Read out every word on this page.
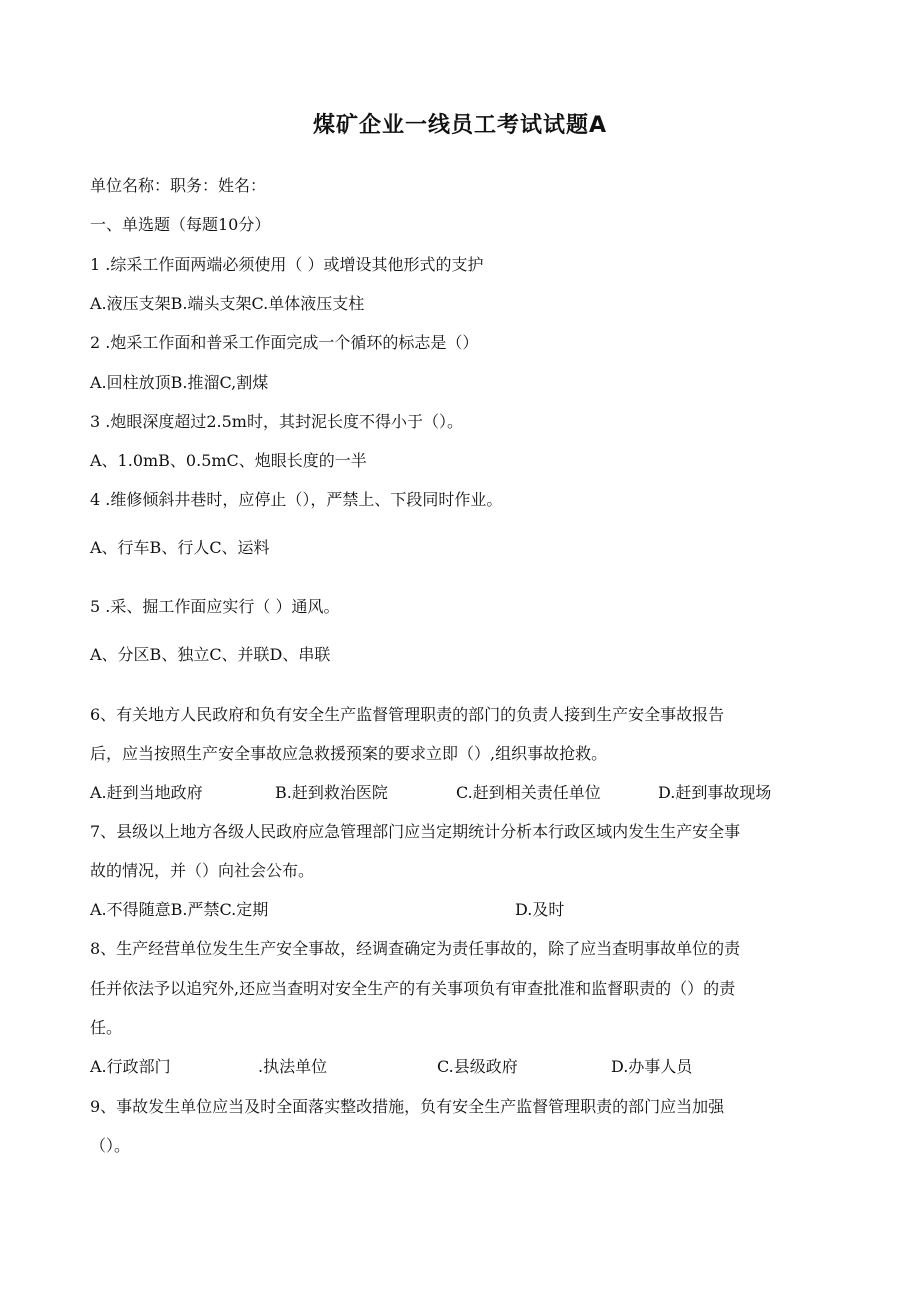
煤矿企业一线员工考试试题A
单位名称：职务：姓名：
一、单选题（每题10分）
1 .综采工作面两端必须使用（ ）或增设其他形式的支护
A.液压支架B.端头支架C.单体液压支柱
2 .炮采工作面和普采工作面完成一个循环的标志是（）
A.回柱放顶B.推溜C,割煤
3 .炮眼深度超过2.5m时，其封泥长度不得小于（）。
A、1.0mB、0.5mC、炮眼长度的一半
4 .维修倾斜井巷时，应停止（），严禁上、下段同时作业。
A、行车B、行人C、运料
5 .采、掘工作面应实行（ ）通风。
A、分区B、独立C、并联D、串联
6、有关地方人民政府和负有安全生产监督管理职责的部门的负责人接到生产安全事故报告
后，应当按照生产安全事故应急救援预案的要求立即（）,组织事故抢救。
A.赶到当地政府	B.赶到救治医院	C.赶到相关责任单位	D.赶到事故现场
7、县级以上地方各级人民政府应急管理部门应当定期统计分析本行政区域内发生生产安全事
故的情况，并（）向社会公布。
A.不得随意B.严禁C.定期	D.及时
8、生产经营单位发生生产安全事故，经调查确定为责任事故的，除了应当查明事故单位的责
任并依法予以追究外,还应当查明对安全生产的有关事项负有审查批准和监督职责的（）的责
任。
A.行政部门	.执法单位	C.县级政府	D.办事人员
9、事故发生单位应当及时全面落实整改措施，负有安全生产监督管理职责的部门应当加强
（）。
